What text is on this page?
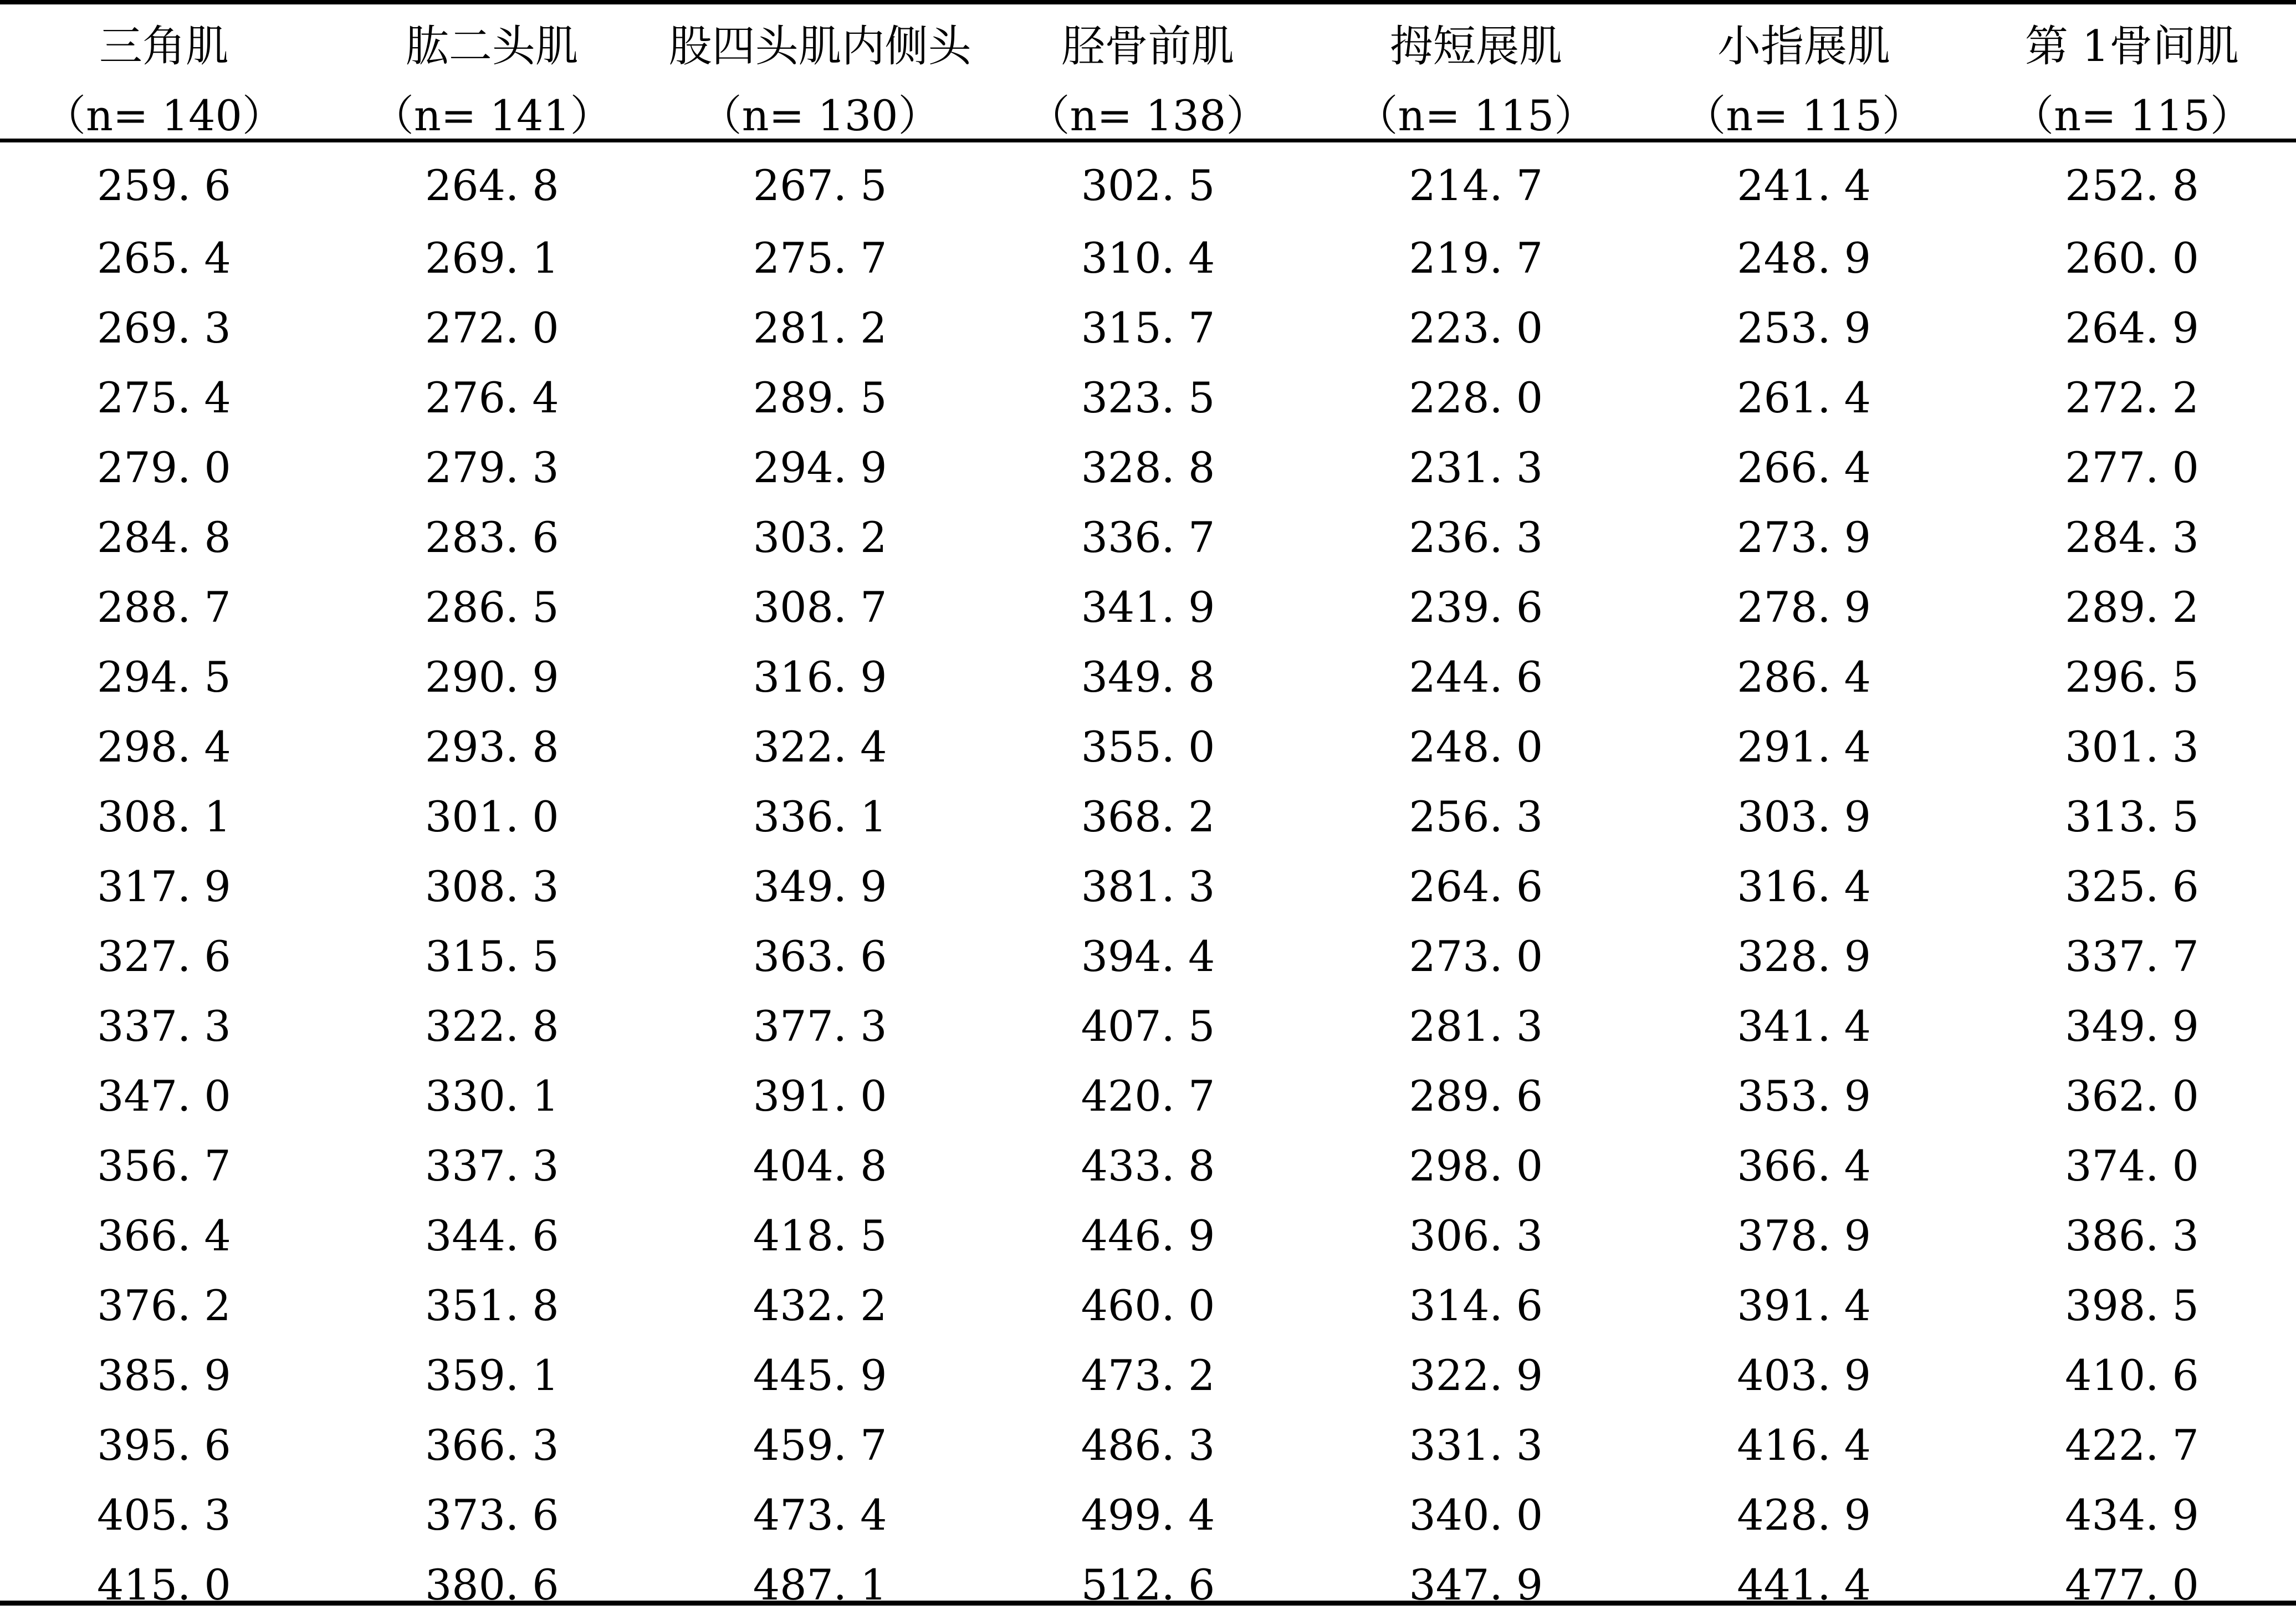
三角肌	肱二头肌	股四头肌内侧头	胫骨前肌	拇短展肌	小指展肌	第 1骨间肌
（n= 140）	（n= 141）	（n= 130）	（n= 138）	（n= 115）	（n= 115）	（n= 115）
259. 6	264. 8	267. 5	302. 5	214. 7	241. 4	252. 8
265. 4	269. 1	275. 7	310. 4	219. 7	248. 9	260. 0
269. 3	272. 0	281. 2	315. 7	223. 0	253. 9	264. 9
275. 4	276. 4	289. 5	323. 5	228. 0	261. 4	272. 2
279. 0	279. 3	294. 9	328. 8	231. 3	266. 4	277. 0
284. 8	283. 6	303. 2	336. 7	236. 3	273. 9	284. 3
288. 7	286. 5	308. 7	341. 9	239. 6	278. 9	289. 2
294. 5	290. 9	316. 9	349. 8	244. 6	286. 4	296. 5
298. 4	293. 8	322. 4	355. 0	248. 0	291. 4	301. 3
308. 1	301. 0	336. 1	368. 2	256. 3	303. 9	313. 5
317. 9	308. 3	349. 9	381. 3	264. 6	316. 4	325. 6
327. 6	315. 5	363. 6	394. 4	273. 0	328. 9	337. 7
337. 3	322. 8	377. 3	407. 5	281. 3	341. 4	349. 9
347. 0	330. 1	391. 0	420. 7	289. 6	353. 9	362. 0
356. 7	337. 3	404. 8	433. 8	298. 0	366. 4	374. 0
366. 4	344. 6	418. 5	446. 9	306. 3	378. 9	386. 3
376. 2	351. 8	432. 2	460. 0	314. 6	391. 4	398. 5
385. 9	359. 1	445. 9	473. 2	322. 9	403. 9	410. 6
395. 6	366. 3	459. 7	486. 3	331. 3	416. 4	422. 7
405. 3	373. 6	473. 4	499. 4	340. 0	428. 9	434. 9
415. 0	380. 6	487. 1	512. 6	347. 9	441. 4	477. 0
